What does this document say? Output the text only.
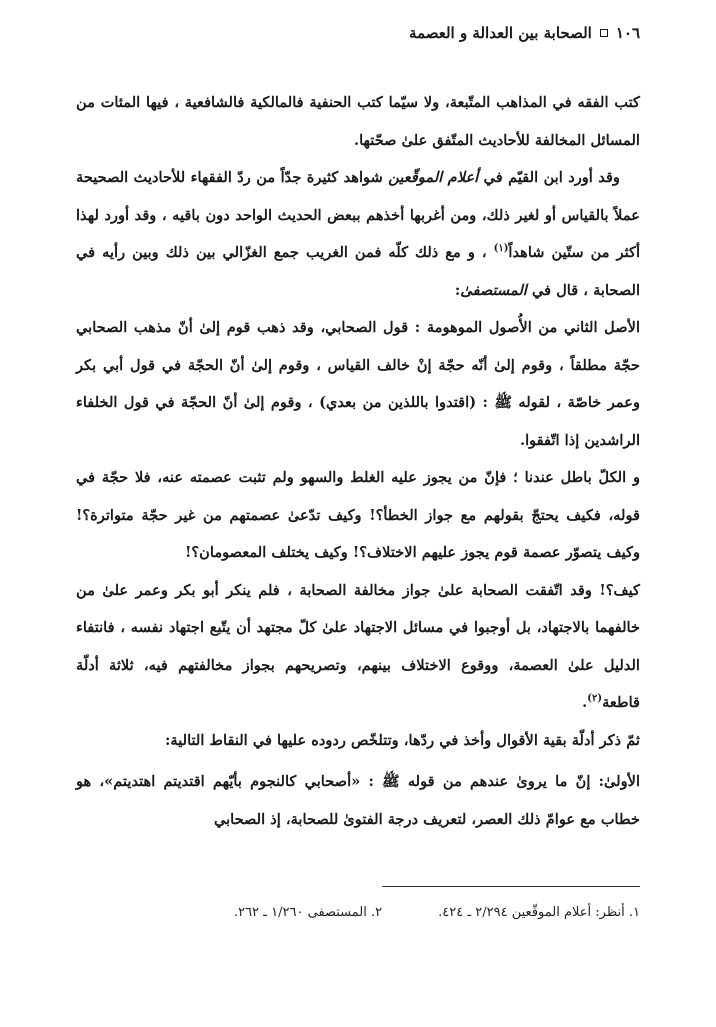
١٠٦
الصحابة بين العدالة و العصمة

كتب الفقه في المذاهب المتّبعة، ولا سيّما كتب الحنفية فالمالكية فالشافعية ، فيها المئات من المسائل المخالفة للأحاديث المتّفق علىٰ صحّتها.

وقد أورد ابن القيّم في أعلام الموقّعين شواهد كثيرة جدّاً من ردّ الفقهاء للأحاديث الصحيحة عملاً بالقياس أو لغير ذلك، ومن أغربها أخذهم ببعض الحديث الواحد دون باقيه ، وقد أورد لهذا أكثر من ستّين شاهداً$^{(١)}$ ، و مع ذلك كلّه فمن الغريب جمع الغزّالي بين ذلك وبين رأيه في الصحابة ، قال في المستصفىٰ:

الأصل الثاني من الأُصول الموهومة : قول الصحابي، وقد ذهب قوم إلىٰ أنّ مذهب الصحابي حجّة مطلقاً ، وقوم إلىٰ أنّه حجّة إنْ خالف القياس ، وقوم إلىٰ أنّ الحجّة في قول أبي بكر وعمر خاصّة ، لقوله ﷺ : (اقتدوا باللذين من بعدي) ، وقوم إلىٰ أنّ الحجّة في قول الخلفاء الراشدين إذا اتّفقوا.

و الكلّ باطل عندنا ؛ فإنّ من يجوز عليه الغلط والسهو ولم تثبت عصمته عنه، فلا حجّة في قوله، فكيف يحتجّ بقولهم مع جواز الخطأ؟! وكيف تدّعىٰ عصمتهم من غير حجّة متواترة؟! وكيف يتصوّر عصمة قوم يجوز عليهم الاختلاف؟! وكيف يختلف المعصومان؟!

كيف؟! وقد اتّفقت الصحابة علىٰ جواز مخالفة الصحابة ، فلم ينكر أبو بكر وعمر علىٰ من خالفهما بالاجتهاد، بل أوجبوا في مسائل الاجتهاد علىٰ كلّ مجتهد أن يتّبع اجتهاد نفسه ، فانتفاء الدليل علىٰ العصمة، ووقوع الاختلاف بينهم، وتصريحهم بجواز مخالفتهم فيه، ثلاثة أدلّة قاطعة$^{(٢)}$.

ثمّ ذكر أدلّة بقية الأقوال وأخذ في ردّها، وتتلخّص ردوده عليها في النقاط التالية:

الأولىٰ: إنّ ما يروىٰ عندهم من قوله ﷺ : «أصحابي كالنجوم بأيّهم اقتديتم اهتديتم»، هو خطاب مع عوامّ ذلك العصر، لتعريف درجة الفتوىٰ للصحابة، إذ الصحابي

١. أنظر: أعلام الموقّعين ٢/٢٩٤ ـ ٤٢٤.
٢. المستصفى ١/٢٦٠ ـ ٢٦٢.
